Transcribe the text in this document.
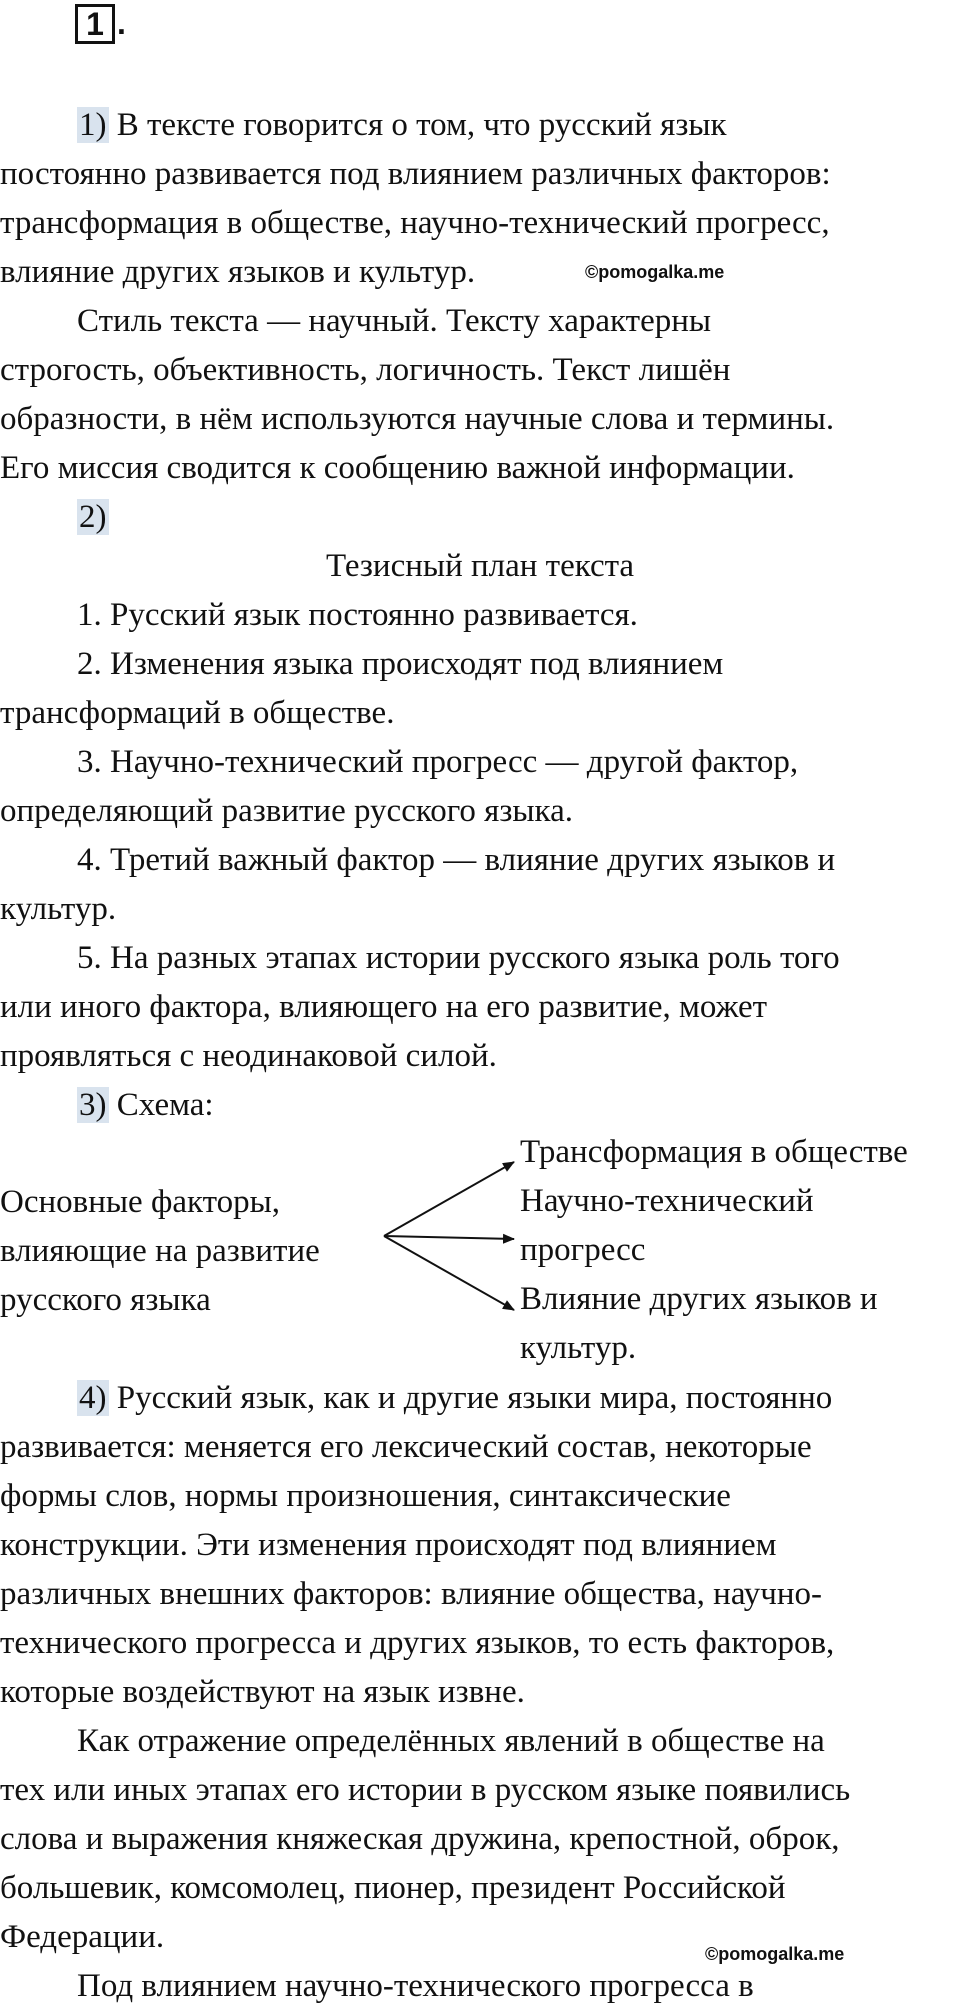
1 .
1) В тексте говорится о том, что русский язык
постоянно развивается под влиянием различных факторов:
трансформация в обществе, научно-технический прогресс,
влияние других языков и культур.
Стиль текста — научный. Тексту характерны
строгость, объективность, логичность. Текст лишён
образности, в нём используются научные слова и термины.
Его миссия сводится к сообщению важной информации.
2)
Тезисный план текста
1. Русский язык постоянно развивается.
2. Изменения языка происходят под влиянием
трансформаций в обществе.
3. Научно-технический прогресс — другой фактор,
определяющий развитие русского языка.
4. Третий важный фактор — влияние других языков и
культур.
5. На разных этапах истории русского языка роль того
или иного фактора, влияющего на его развитие, может
проявляться с неодинаковой силой.
3) Схема:
©pomogalka.me
Основные факторы,
влияющие на развитие
русского языка
Трансформация в обществе
Научно-технический
прогресс
Влияние других языков и
культур.
4) Русский язык, как и другие языки мира, постоянно
развивается: меняется его лексический состав, некоторые
формы слов, нормы произношения, синтаксические
конструкции. Эти изменения происходят под влиянием
различных внешних факторов: влияние общества, научно-
технического прогресса и других языков, то есть факторов,
которые воздействуют на язык извне.
Как отражение определённых явлений в обществе на
тех или иных этапах его истории в русском языке появились
слова и выражения княжеская дружина, крепостной, оброк,
большевик, комсомолец, пионер, президент Российской
Федерации.
Под влиянием научно-технического прогресса в
©pomogalka.me
